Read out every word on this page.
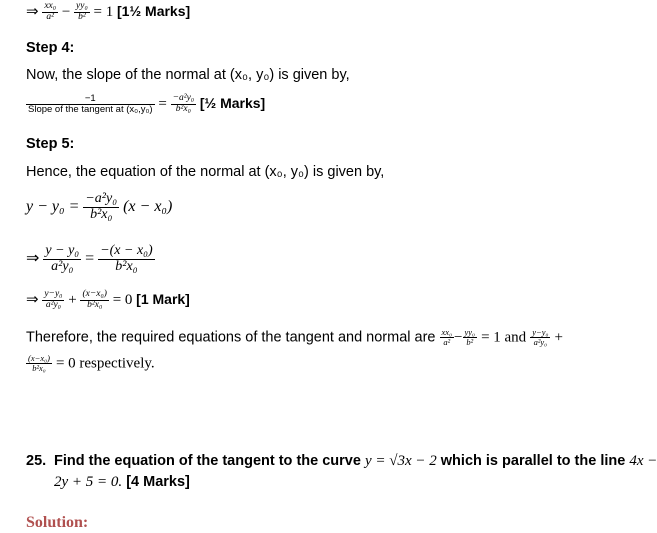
⇒ $\frac{\text{xx₀}}{\text{a²}} - \frac{\text{yy₀}}{\text{b²}} = 1$ [1½ Marks]
Step 4:
Now, the slope of the normal at (x₀, y₀) is given by,
$\frac{-1}{\text{Slope of the tangent at (x₀,y₀)}} = \frac{\text{−a²y₀}}{\text{b²x₀}}$ [½ Marks]
Step 5:
Hence, the equation of the normal at (x₀, y₀) is given by,
$y - y_0 = \frac{\text{−a²y₀}}{\text{b²x₀}} (x - x_0)$
⇒ $\frac{\text{y − y₀}}{\text{a²y₀}} = \frac{\text{−(x − x₀)}}{\text{b²x₀}}$
⇒ $\frac{\text{y−y₀}}{\text{a²y₀}} + \frac{\text{(x−x₀)}}{\text{b²x₀}} = 0$ [1 Mark]
Therefore, the required equations of the tangent and normal are $\frac{\text{xx₀}}{\text{a²}} - \frac{\text{yy₀}}{\text{b²}} = 1$ and $\frac{\text{y−y₀}}{\text{a²y₀}}$ +
$\frac{\text{(x−x₀)}}{\text{b²x₀}} = 0$ respectively.
25. Find the equation of the tangent to the curve y = √3x − 2 which is parallel to the line 4x −
2y + 5 = 0. [4 Marks]
Solution:
